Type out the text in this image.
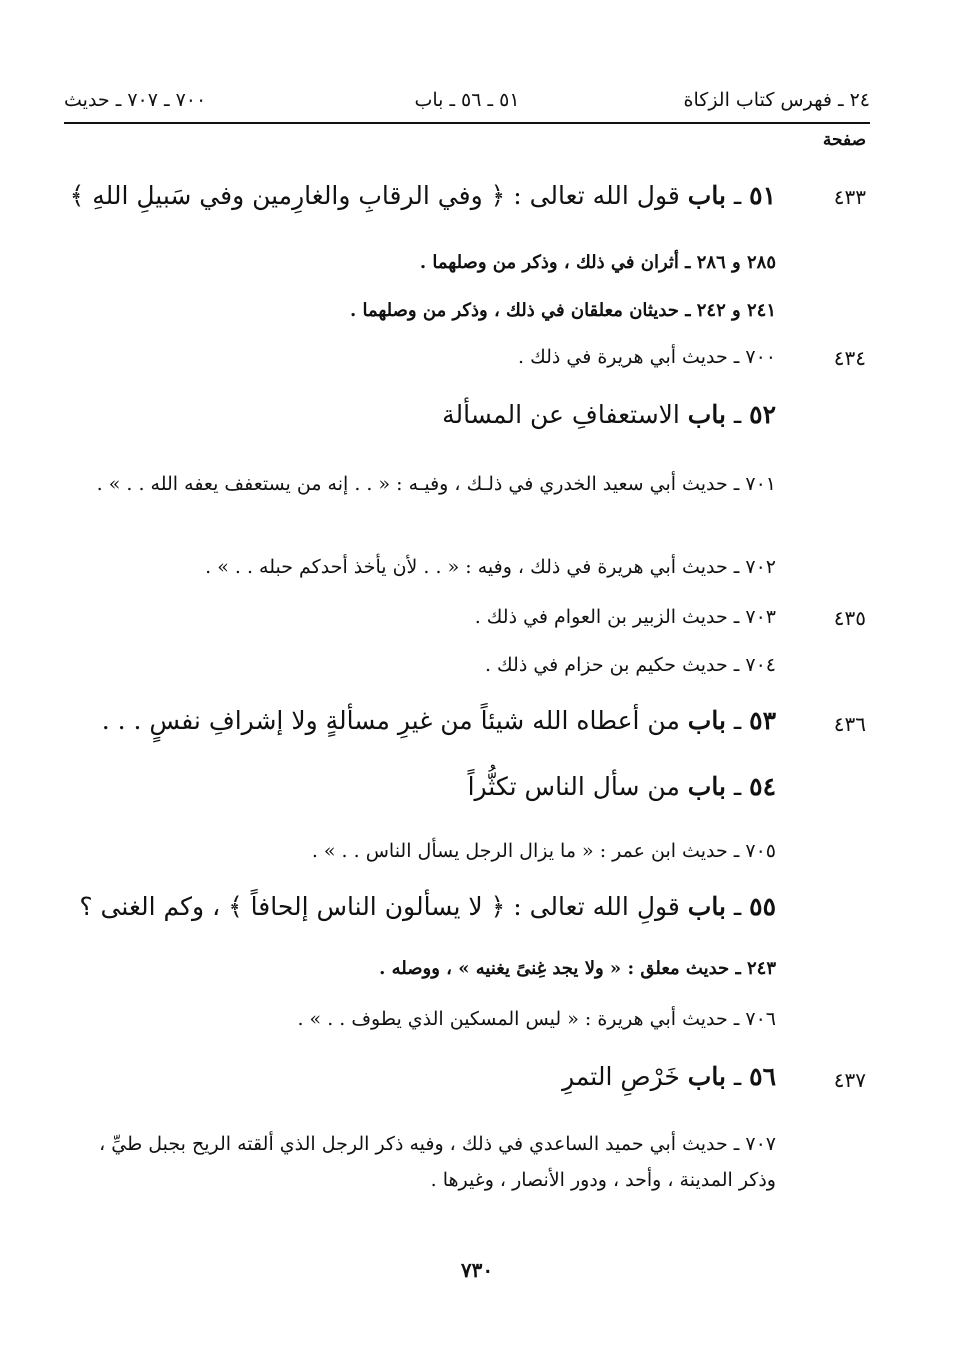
٢٤ ـ فهرس كتاب الزكاة
٥١ ـ ٥٦ ـ باب
٧٠٠ ـ ٧٠٧ ـ حديث
صفحة
٤٣٣
٥١ ـ باب قول الله تعالى : ﴿ وفي الرقابِ والغارِمين وفي سَبيلِ اللهِ ﴾
٢٨٥ و ٢٨٦ ـ أثران في ذلك ، وذكر من وصلهما .
٢٤١ و ٢٤٢ ـ حديثان معلقان في ذلك ، وذكر من وصلهما .
٤٣٤
٧٠٠ ـ حديث أبي هريرة في ذلك .
٥٢ ـ باب الاستعفافِ عن المسألة
٧٠١ ـ حديث أبي سعيد الخدري في ذلـك ، وفيـه : « . . إنه من يستعفف يعفه الله . . » .
٧٠٢ ـ حديث أبي هريرة في ذلك ، وفيه : « . . لأن يأخذ أحدكم حبله . . » .
٤٣٥
٧٠٣ ـ حديث الزبير بن العوام في ذلك .
٧٠٤ ـ حديث حكيم بن حزام في ذلك .
٤٣٦
٥٣ ـ باب من أعطاه الله شيئاً من غيرِ مسألةٍ ولا إشرافِ نفسٍ . . .
٥٤ ـ باب من سأل الناس تكثُّراً
٧٠٥ ـ حديث ابن عمر : « ما يزال الرجل يسأل الناس . . » .
٥٥ ـ باب قولِ الله تعالى : ﴿ لا يسألون الناس إلحافاً ﴾ ، وكم الغنى ؟
٢٤٣ ـ حديث معلق : « ولا يجد غِنىً يغنيه » ، ووصله .
٧٠٦ ـ حديث أبي هريرة : « ليس المسكين الذي يطوف . . » .
٤٣٧
٥٦ ـ باب خَرْصِ التمرِ
٧٠٧ ـ حديث أبي حميد الساعدي في ذلك ، وفيه ذكر الرجل الذي ألقته الريح بجبل طيِّ ، وذكر المدينة ، وأحد ، ودور الأنصار ، وغيرها .
٧٣٠
